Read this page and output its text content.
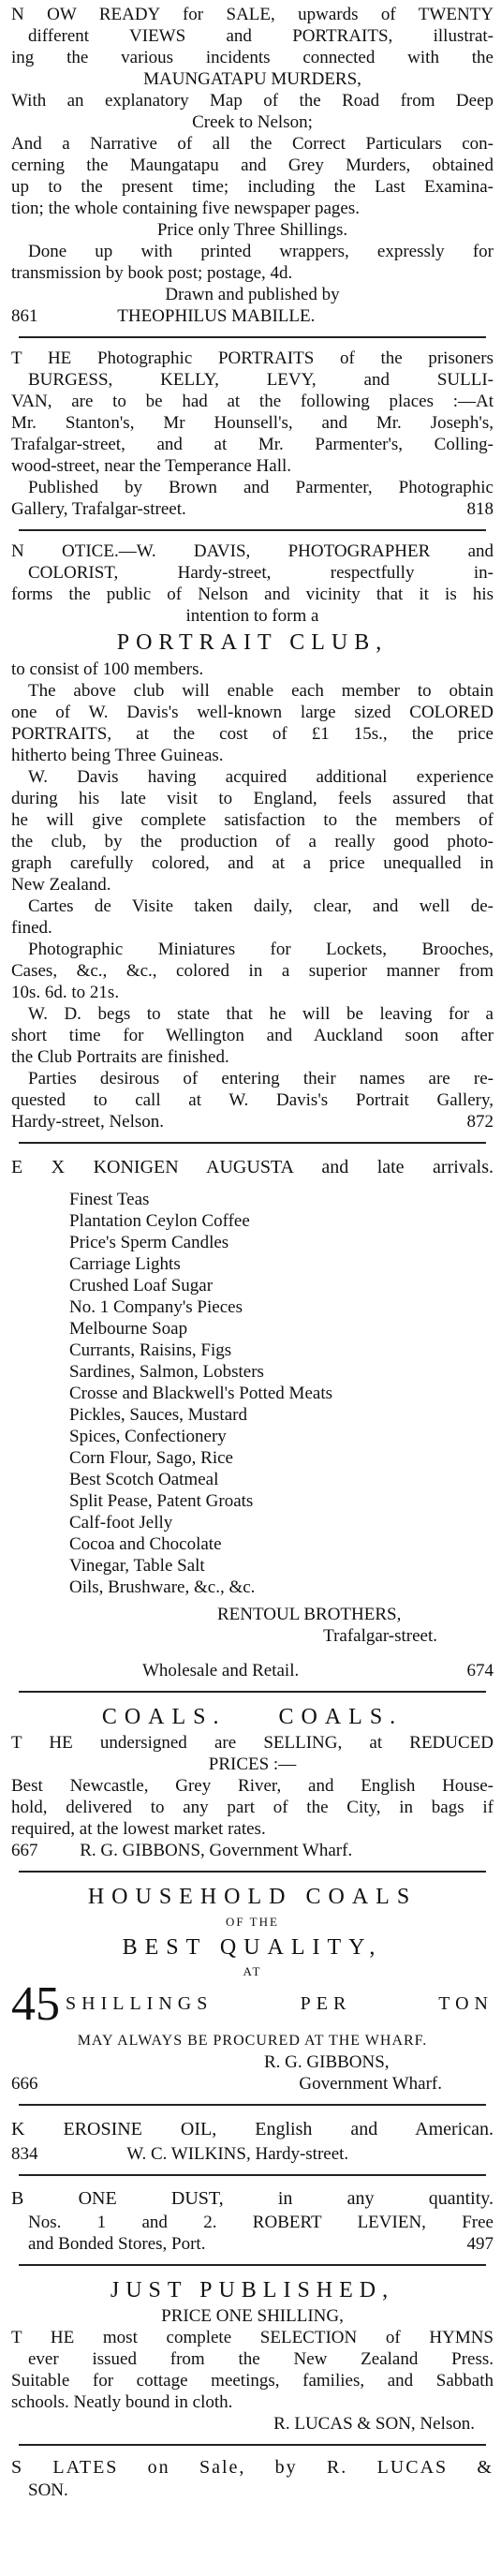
N OW READY for SALE, upwards of TWENTY
different VIEWS and PORTRAITS, illustrat-
ing the various incidents connected with the
MAUNGATAPU MURDERS,
With an explanatory Map of the Road from Deep
Creek to Nelson;
And a Narrative of all the Correct Particulars con-
cerning the Maungatapu and Grey Murders, obtained
up to the present time; including the Last Examina-
tion; the whole containing five newspaper pages.
Price only Three Shillings.
Done up with printed wrappers, expressly for
transmission by book post; postage, 4d.
Drawn and published by
861	THEOPHILUS MABILLE.
T HE Photographic PORTRAITS of the prisoners
BURGESS, KELLY, LEVY, and SULLI-
VAN, are to be had at the following places :—At
Mr. Stanton's, Mr Hounsell's, and Mr. Joseph's,
Trafalgar-street, and at Mr. Parmenter's, Colling-
wood-street, near the Temperance Hall.
Published by Brown and Parmenter, Photographic
Gallery, Trafalgar-street.	818
N OTICE.—W. DAVIS, PHOTOGRAPHER and
COLORIST, Hardy-street, respectfully in-
forms the public of Nelson and vicinity that it is his
intention to form a
PORTRAIT CLUB,
to consist of 100 members.
The above club will enable each member to obtain
one of W. Davis's well-known large sized COLORED
PORTRAITS, at the cost of £1 15s., the price
hitherto being Three Guineas.
W. Davis having acquired additional experience
during his late visit to England, feels assured that
he will give complete satisfaction to the members of
the club, by the production of a really good photo-
graph carefully colored, and at a price unequalled in
New Zealand.
Cartes de Visite taken daily, clear, and well de-
fined.
Photographic Miniatures for Lockets, Brooches,
Cases, &c., &c., colored in a superior manner from
10s. 6d. to 21s.
W. D. begs to state that he will be leaving for a
short time for Wellington and Auckland soon after
the Club Portraits are finished.
Parties desirous of entering their names are re-
quested to call at W. Davis's Portrait Gallery,
Hardy-street, Nelson.	872
E X KONIGEN AUGUSTA and late arrivals.
Finest Teas
Plantation Ceylon Coffee
Price's Sperm Candles
Carriage Lights
Crushed Loaf Sugar
No. 1 Company's Pieces
Melbourne Soap
Currants, Raisins, Figs
Sardines, Salmon, Lobsters
Crosse and Blackwell's Potted Meats
Pickles, Sauces, Mustard
Spices, Confectionery
Corn Flour, Sago, Rice
Best Scotch Oatmeal
Split Pease, Patent Groats
Calf-foot Jelly
Cocoa and Chocolate
Vinegar, Table Salt
Oils, Brushware, &c., &c.
RENTOUL BROTHERS,
Trafalgar-street.
Wholesale and Retail.	674
COALS.    COALS.
T HE undersigned are SELLING, at REDUCED
PRICES :—
Best Newcastle, Grey River, and English House-
hold, delivered to any part of the City, in bags if
required, at the lowest market rates.
667 R. G. GIBBONS, Government Wharf.
HOUSEHOLD COALS
OF THE
BEST QUALITY,
AT
45 SHILLINGS PER TON
MAY ALWAYS BE PROCURED AT THE WHARF.
R. G. GIBBONS,
666	Government Wharf.
K EROSINE OIL, English and American.
834	W. C. WILKINS, Hardy-street.
B ONE DUST, in any quantity.
Nos. 1 and 2. ROBERT LEVIEN, Free
and Bonded Stores, Port.	497
JUST PUBLISHED,
PRICE ONE SHILLING,
T HE most complete SELECTION of HYMNS
ever issued from the New Zealand Press.
Suitable for cottage meetings, families, and Sabbath
schools. Neatly bound in cloth.
R. LUCAS & SON, Nelson.
S LATES on Sale, by R. LUCAS &
SON.
